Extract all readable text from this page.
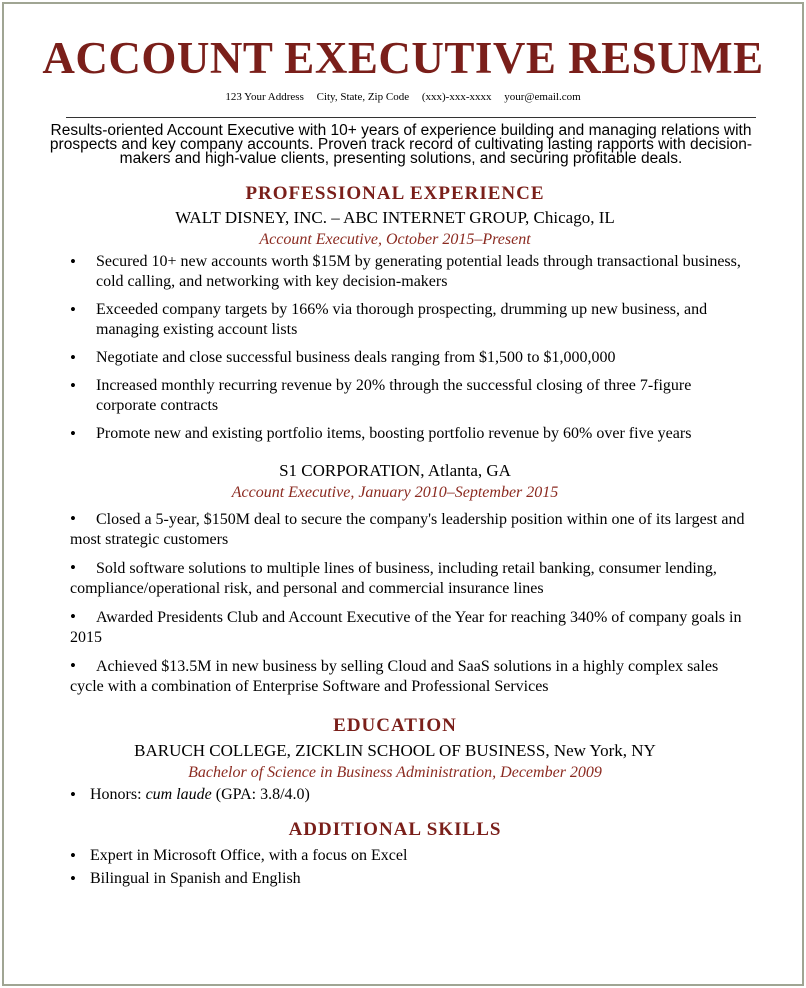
ACCOUNT EXECUTIVE RESUME
123 Your Address City, State, Zip Code (xxx)-xxx-xxxx your@email.com
Results-oriented Account Executive with 10+ years of experience building and managing relations with prospects and key company accounts. Proven track record of cultivating lasting rapports with decision-makers and high-value clients, presenting solutions, and securing profitable deals.
PROFESSIONAL EXPERIENCE
WALT DISNEY, INC. – ABC INTERNET GROUP, Chicago, IL
Account Executive, October 2015–Present
• Secured 10+ new accounts worth $15M by generating potential leads through transactional business, cold calling, and networking with key decision-makers
• Exceeded company targets by 166% via thorough prospecting, drumming up new business, and managing existing account lists
• Negotiate and close successful business deals ranging from $1,500 to $1,000,000
• Increased monthly recurring revenue by 20% through the successful closing of three 7-figure corporate contracts
• Promote new and existing portfolio items, boosting portfolio revenue by 60% over five years
S1 CORPORATION, Atlanta, GA
Account Executive, January 2010–September 2015
• Closed a 5-year, $150M deal to secure the company's leadership position within one of its largest and most strategic customers
• Sold software solutions to multiple lines of business, including retail banking, consumer lending, compliance/operational risk, and personal and commercial insurance lines
• Awarded Presidents Club and Account Executive of the Year for reaching 340% of company goals in 2015
• Achieved $13.5M in new business by selling Cloud and SaaS solutions in a highly complex sales cycle with a combination of Enterprise Software and Professional Services
EDUCATION
BARUCH COLLEGE, ZICKLIN SCHOOL OF BUSINESS, New York, NY
Bachelor of Science in Business Administration, December 2009
• Honors: cum laude (GPA: 3.8/4.0)
ADDITIONAL SKILLS
• Expert in Microsoft Office, with a focus on Excel
• Bilingual in Spanish and English
